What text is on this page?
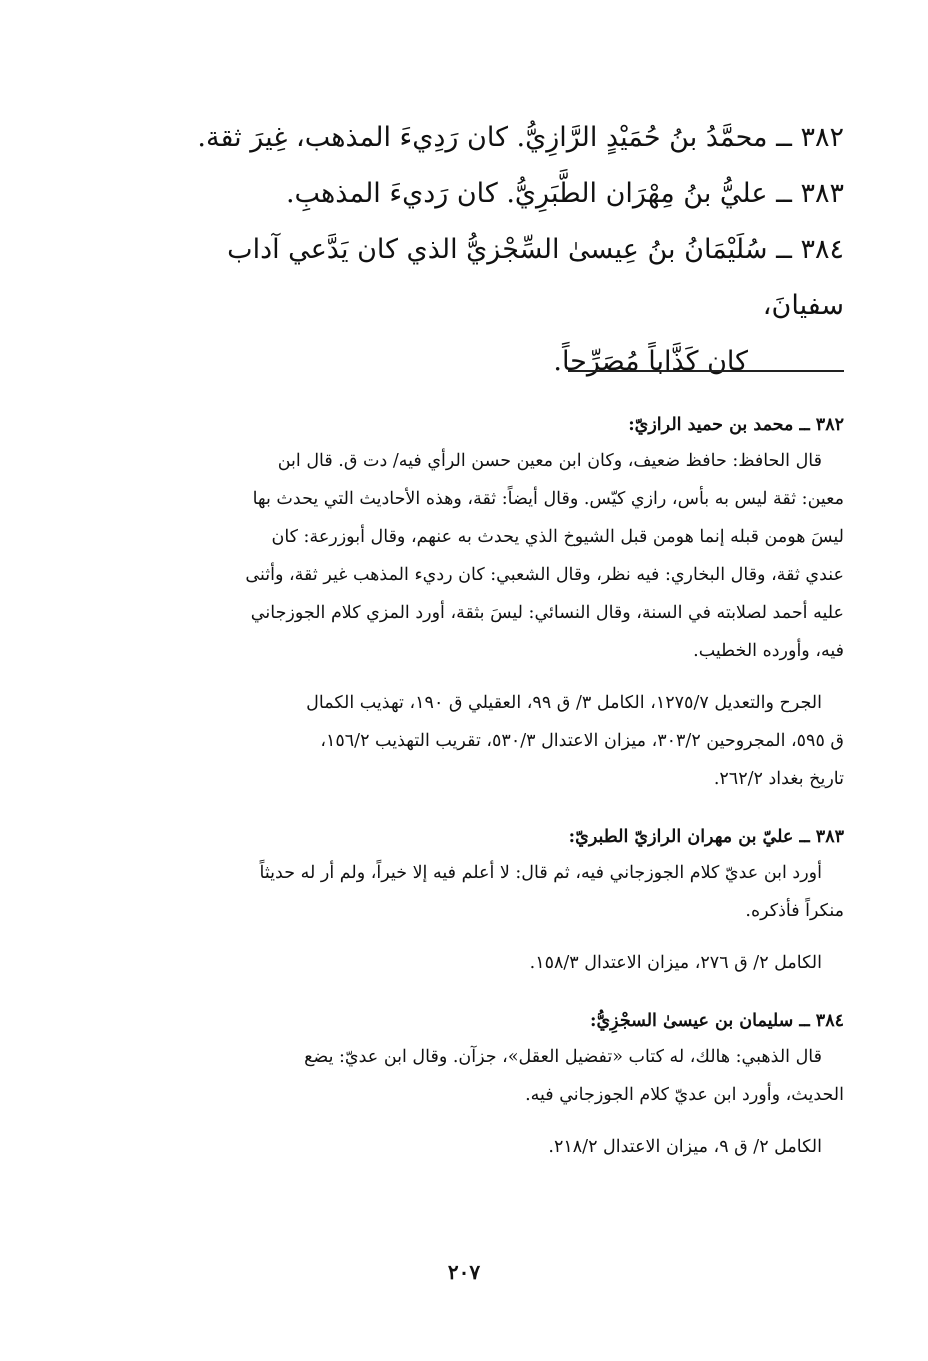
٣٨٢ ــ محمَّدُ بنُ حُمَيْدٍ الرَّازِيُّ. كان رَدِيءَ المذهب، غِيرَ ثقة.
٣٨٣ ــ عليُّ بنُ مِهْرَان الطَّبَرِيُّ. كان رَديءَ المذهبِ.
٣٨٤ ــ سُلَيْمَانُ بنُ عِيسىٰ السِّجْزيُّ الذي كان يَدَّعي آداب سفيانَ،
كان كَذَّاباً مُصَرِّحاً.
٣٨٢ ــ محمد بن حميد الرازيّ:
قال الحافظ: حافظ ضعيف، وكان ابن معين حسن الرأي فيه/ دت ق. قال ابن
معين: ثقة ليس به بأس، رازي كيّس. وقال أيضاً: ثقة، وهذه الأحاديث التي يحدث بها
ليسَ هومن قبله إنما هومن قبل الشيوخ الذي يحدث به عنهم، وقال أبوزرعة: كان
عندي ثقة، وقال البخاري: فيه نظر، وقال الشعبي: كان رديء المذهب غير ثقة، وأثنى
عليه أحمد لصلابته في السنة، وقال النسائي: ليسَ بثقة، أورد المزي كلام الجوزجاني
فيه، وأورده الخطيب.
الجرح والتعديل ١٢٧٥/٧، الكامل ٣/ ق ٩٩، العقيلي ق ١٩٠، تهذيب الكمال
ق ٥٩٥، المجروحين ٣٠٣/٢، ميزان الاعتدال ٥٣٠/٣، تقريب التهذيب ١٥٦/٢،
تاريخ بغداد ٢٦٢/٢.
٣٨٣ ــ عليّ بن مهران الرازيّ الطبريّ:
أورد ابن عديّ كلام الجوزجاني فيه، ثم قال: لا أعلم فيه إلا خيراً، ولم أر له حديثاً
منكراً فأذكره.
الكامل ٢/ ق ٢٧٦، ميزان الاعتدال ١٥٨/٣.
٣٨٤ ــ سليمان بن عيسىٰ السجْزِيُّ:
قال الذهبي: هالك، له كتاب «تفضيل العقل»، جزآن. وقال ابن عديّ: يضع
الحديث، وأورد ابن عديّ كلام الجوزجاني فيه.
الكامل ٢/ ق ٩، ميزان الاعتدال ٢١٨/٢.
٢٠٧
